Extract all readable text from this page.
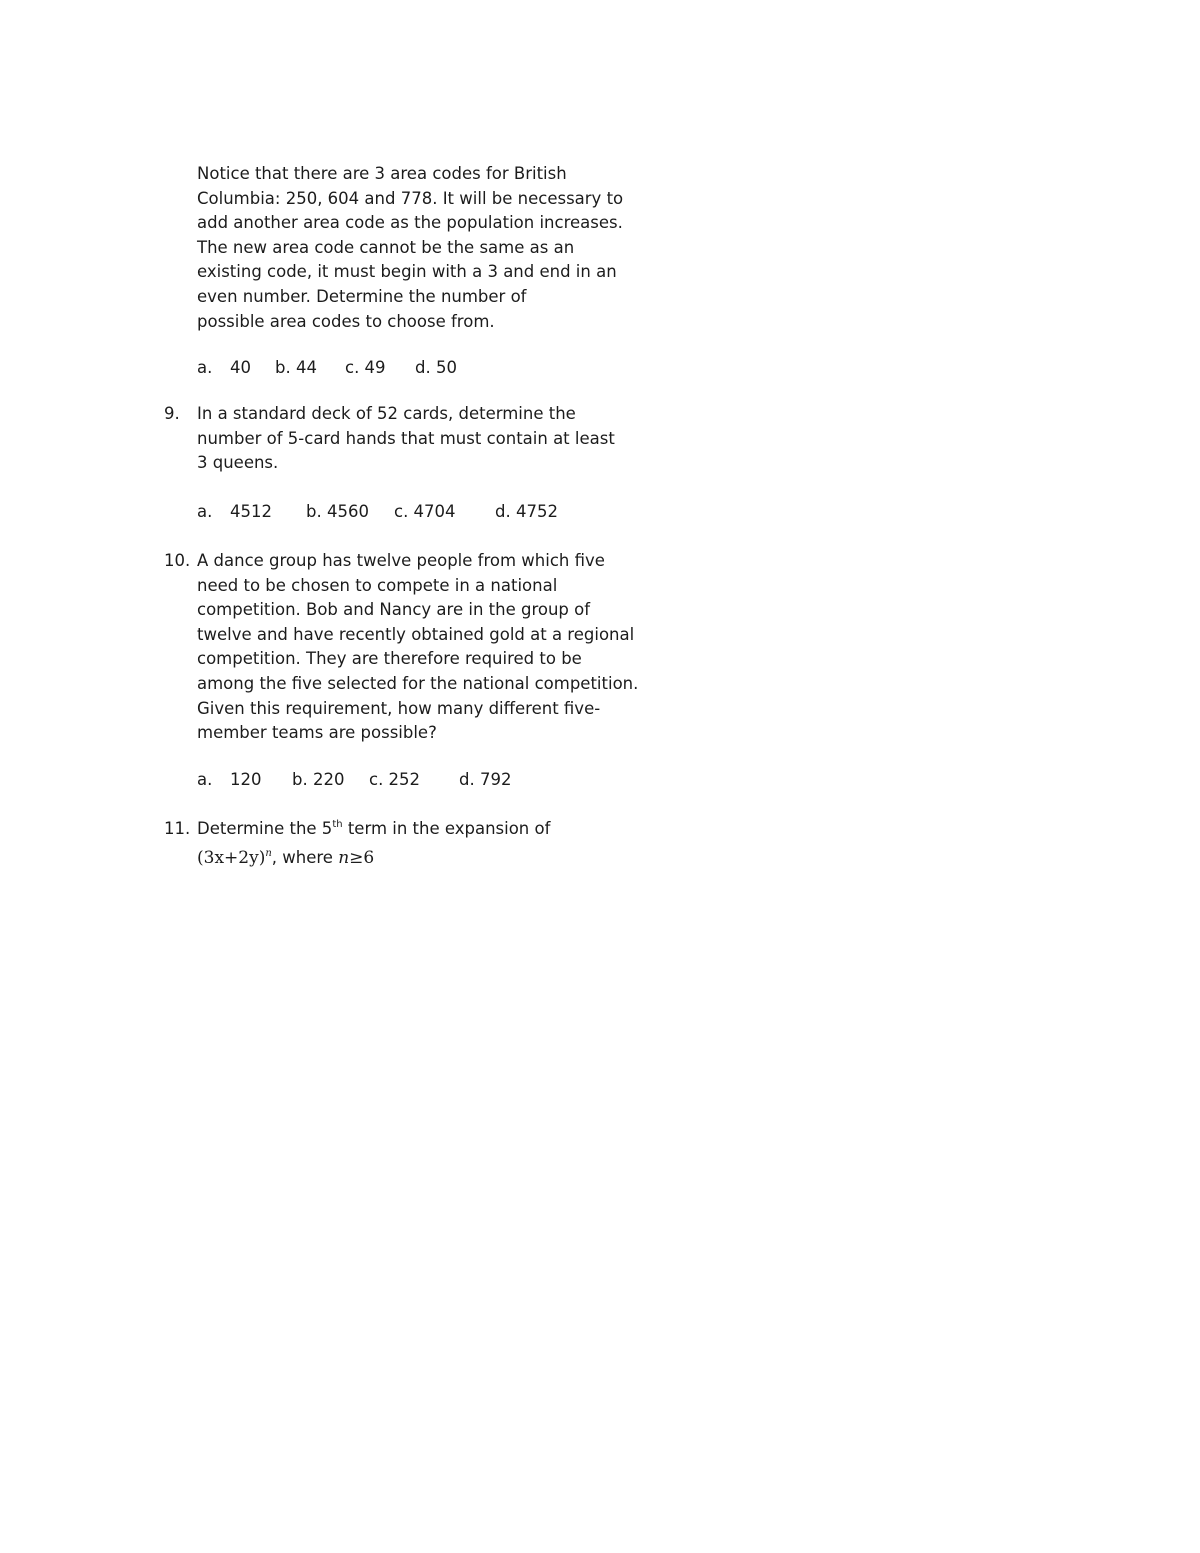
Notice that there are 3 area codes for British
Columbia: 250, 604 and 778. It will be necessary to
add another area code as the population increases.
The new area code cannot be the same as an
existing code, it must begin with a 3 and end in an
even number. Determine the number of
possible area codes to choose from.
a. 40 b. 44 c. 49 d. 50
9. In a standard deck of 52 cards, determine the
number of 5-card hands that must contain at least
3 queens.
a. 4512 b. 4560 c. 4704 d. 4752
10. A dance group has twelve people from which five
need to be chosen to compete in a national
competition. Bob and Nancy are in the group of
twelve and have recently obtained gold at a regional
competition. They are therefore required to be
among the five selected for the national competition.
Given this requirement, how many different five-
member teams are possible?
a. 120 b. 220 c. 252 d. 792
11. Determine the 5th term in the expansion of
$(3x+2y)^n$, where n≥6
